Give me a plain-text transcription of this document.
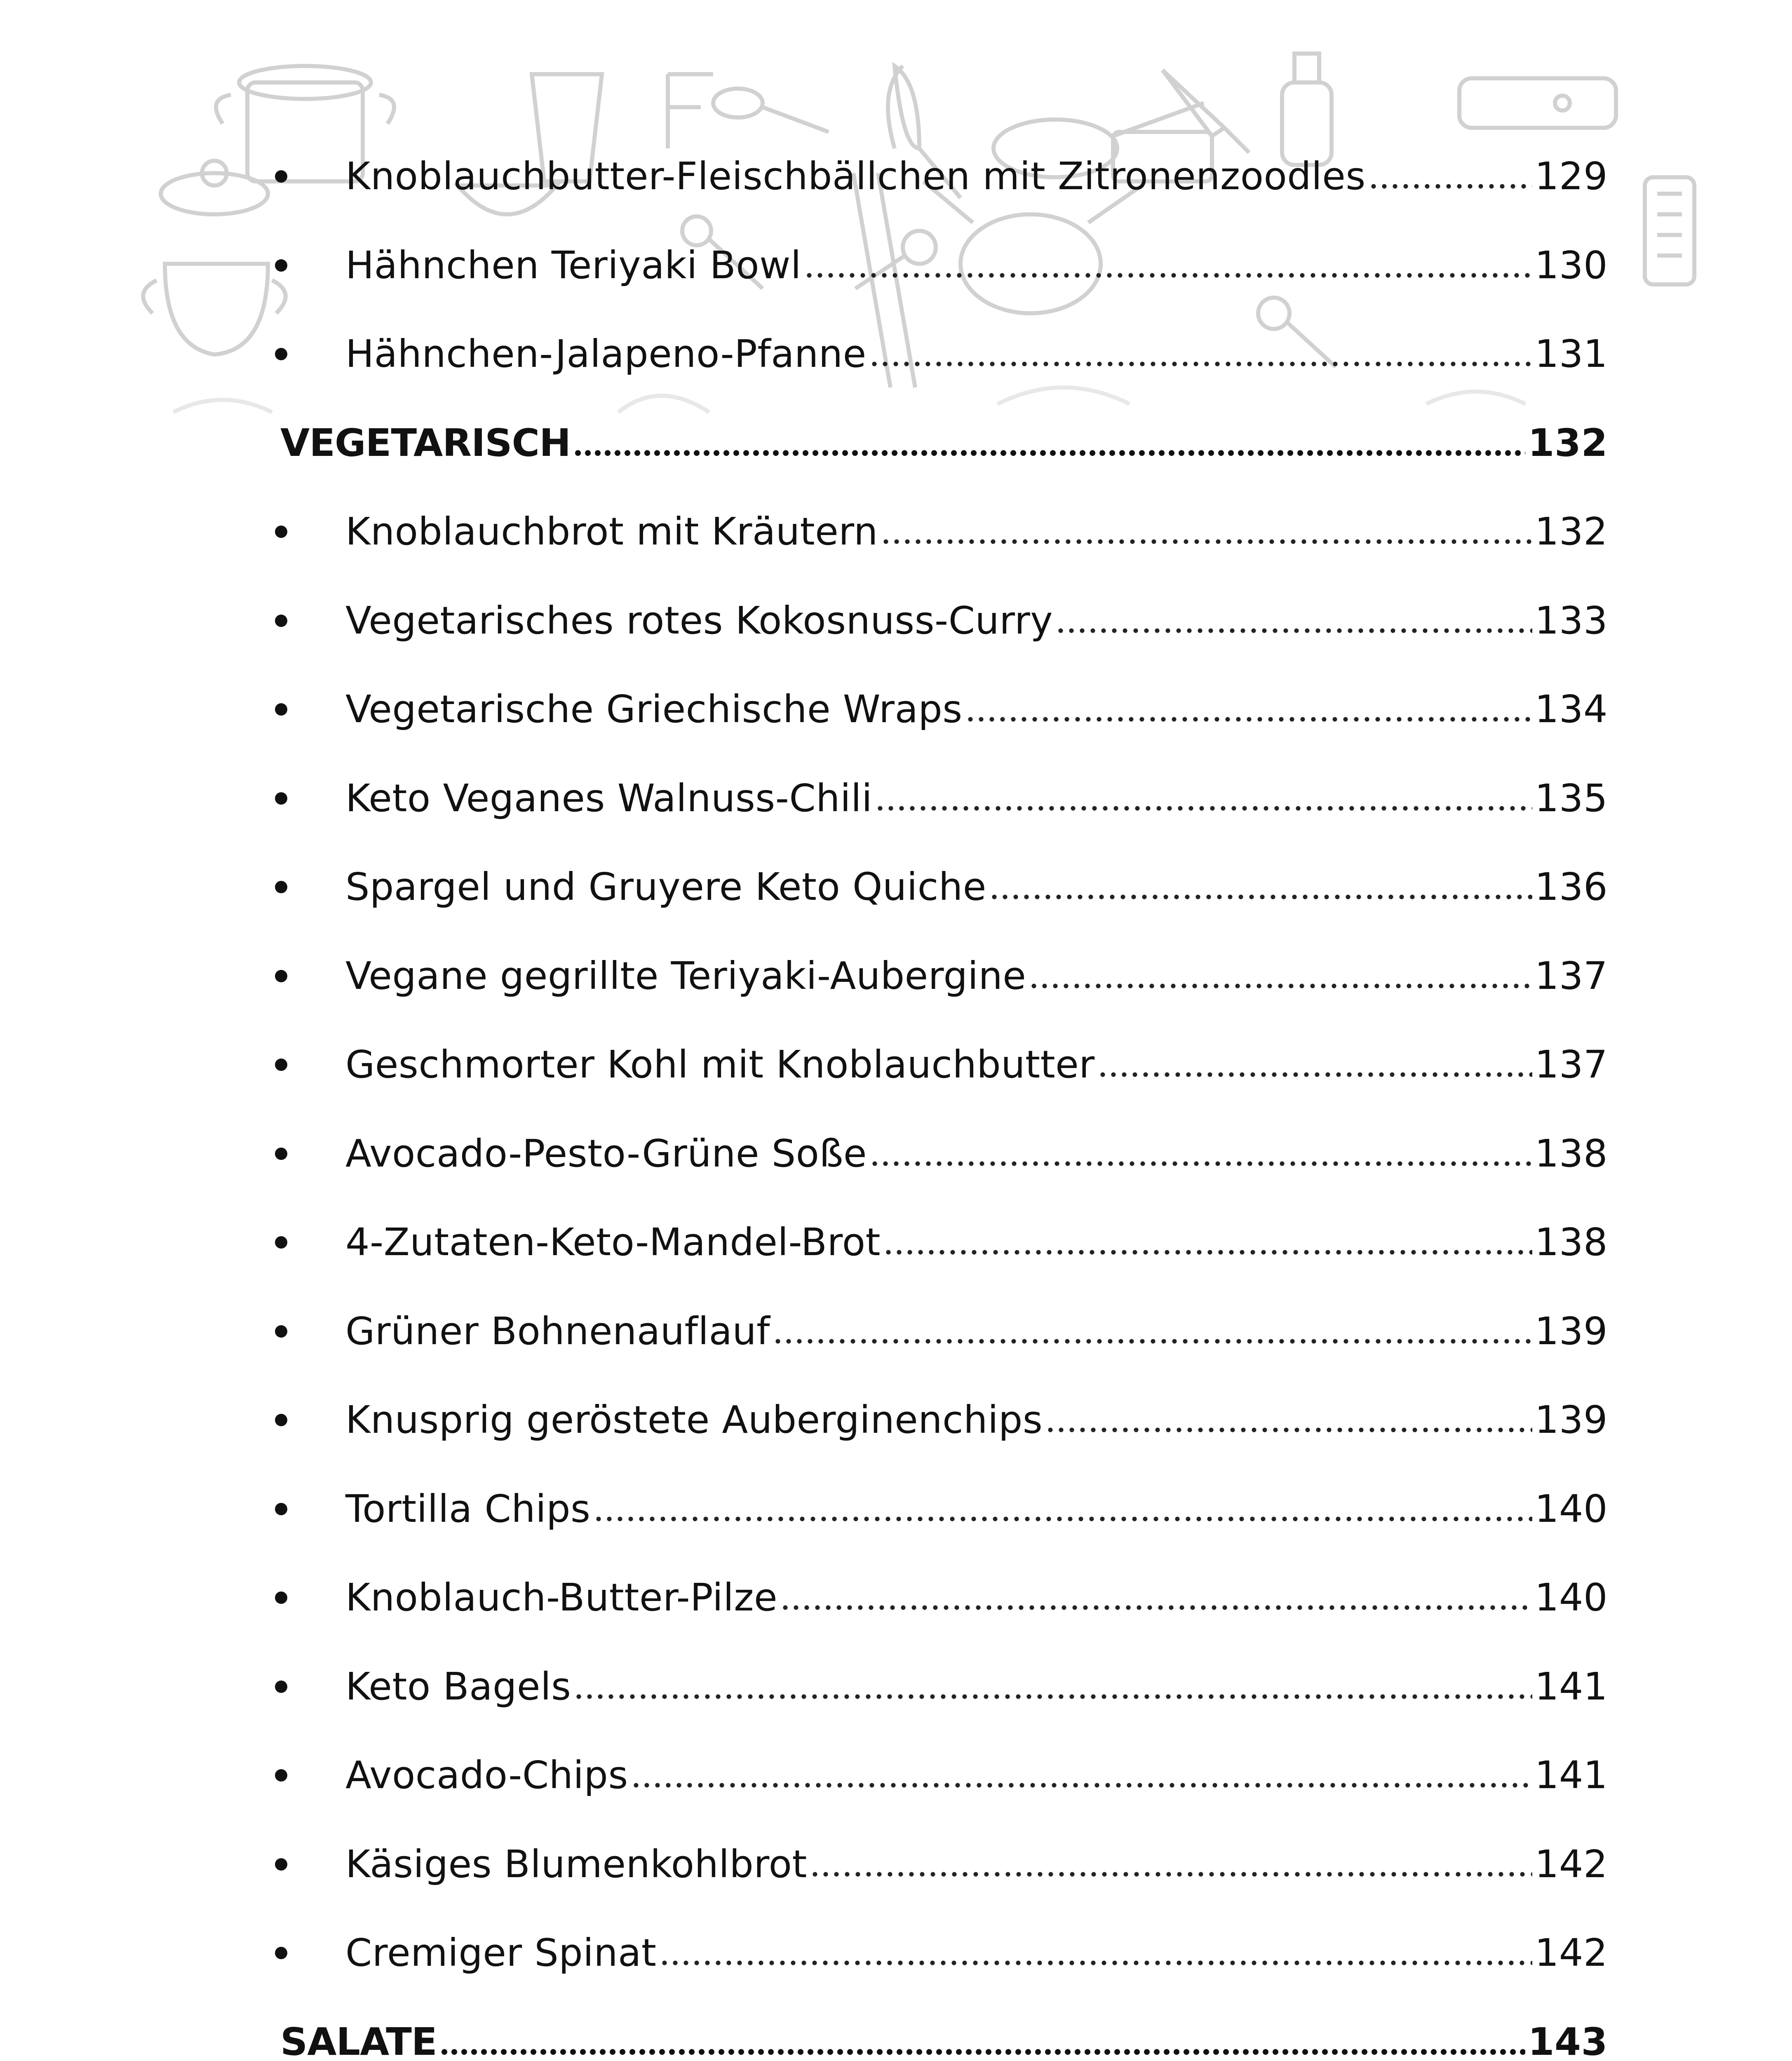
Knoblauchbutter-Fleischbällchen mit Zitronenzoodles	129
Hähnchen Teriyaki Bowl	130
Hähnchen-Jalapeno-Pfanne	131
VEGETARISCH	132
Knoblauchbrot mit Kräutern	132
Vegetarisches rotes Kokosnuss-Curry	133
Vegetarische Griechische Wraps	134
Keto Veganes Walnuss-Chili	135
Spargel und Gruyere Keto Quiche	136
Vegane gegrillte Teriyaki-Aubergine	137
Geschmorter Kohl mit Knoblauchbutter	137
Avocado-Pesto-Grüne Soße	138
4-Zutaten-Keto-Mandel-Brot	138
Grüner Bohnenauflauf	139
Knusprig geröstete Auberginenchips	139
Tortilla Chips	140
Knoblauch-Butter-Pilze	140
Keto Bagels	141
Avocado-Chips	141
Käsiges Blumenkohlbrot	142
Cremiger Spinat	142
SALATE	143
